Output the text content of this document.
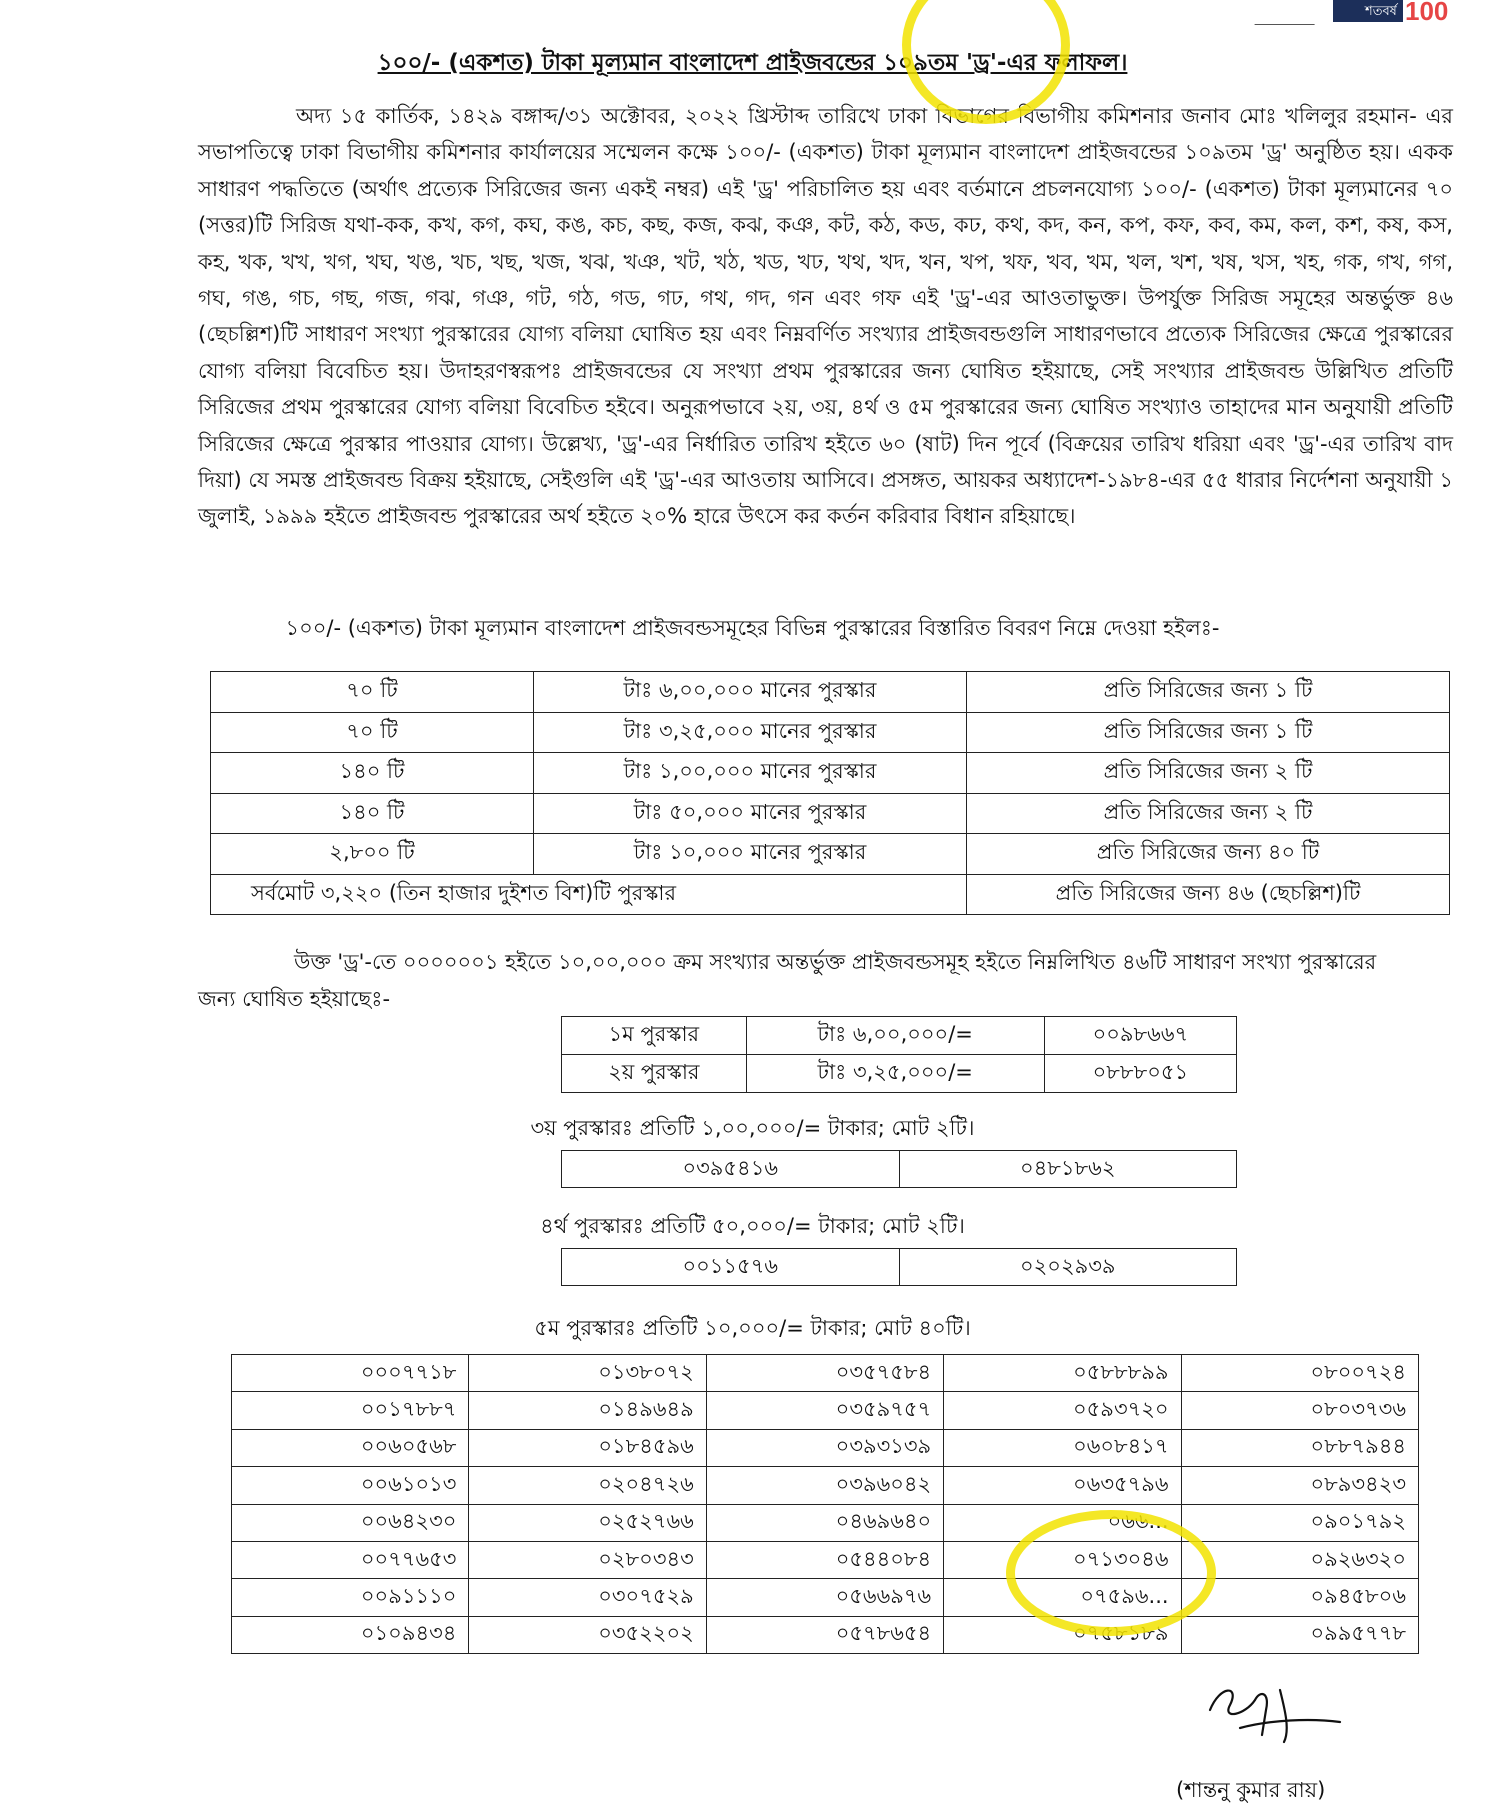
শতবর্ষ 100
১০০/- (একশত) টাকা মূল্যমান বাংলাদেশ প্রাইজবন্ডের ১০৯তম 'ড্র'-এর ফলাফল।

অদ্য ১৫ কার্তিক, ১৪২৯ বঙ্গাব্দ/৩১ অক্টোবর, ২০২২ খ্রিস্টাব্দ তারিখে ঢাকা বিভাগের বিভাগীয় কমিশনার জনাব মোঃ খলিলুর রহমান- এর সভাপতিত্বে ঢাকা বিভাগীয় কমিশনার কার্যালয়ের সম্মেলন কক্ষে ১০০/- (একশত) টাকা মূল্যমান বাংলাদেশ প্রাইজবন্ডের ১০৯তম 'ড্র' অনুষ্ঠিত হয়। একক সাধারণ পদ্ধতিতে (অর্থাৎ প্রত্যেক সিরিজের জন্য একই নম্বর) এই 'ড্র' পরিচালিত হয় এবং বর্তমানে প্রচলনযোগ্য ১০০/- (একশত) টাকা মূল্যমানের ৭০ (সত্তর)টি সিরিজ যথা-কক, কখ, কগ, কঘ, কঙ, কচ, কছ, কজ, কঝ, কঞ, কট, কঠ, কড, কঢ, কথ, কদ, কন, কপ, কফ, কব, কম, কল, কশ, কষ, কস, কহ, খক, খখ, খগ, খঘ, খঙ, খচ, খছ, খজ, খঝ, খঞ, খট, খঠ, খড, খঢ, খথ, খদ, খন, খপ, খফ, খব, খম, খল, খশ, খষ, খস, খহ, গক, গখ, গগ, গঘ, গঙ, গচ, গছ, গজ, গঝ, গঞ, গট, গঠ, গড, গঢ, গথ, গদ, গন এবং গফ এই 'ড্র'-এর আওতাভুক্ত। উপর্যুক্ত সিরিজ সমূহের অন্তর্ভুক্ত ৪৬ (ছেচল্লিশ)টি সাধারণ সংখ্যা পুরস্কারের যোগ্য বলিয়া ঘোষিত হয় এবং নিম্নবর্ণিত সংখ্যার প্রাইজবন্ডগুলি সাধারণভাবে প্রত্যেক সিরিজের ক্ষেত্রে পুরস্কারের যোগ্য বলিয়া বিবেচিত হয়। উদাহরণস্বরূপঃ প্রাইজবন্ডের যে সংখ্যা প্রথম পুরস্কারের জন্য ঘোষিত হইয়াছে, সেই সংখ্যার প্রাইজবন্ড উল্লিখিত প্রতিটি সিরিজের প্রথম পুরস্কারের যোগ্য বলিয়া বিবেচিত হইবে। অনুরূপভাবে ২য়, ৩য়, ৪র্থ ও ৫ম পুরস্কারের জন্য ঘোষিত সংখ্যাও তাহাদের মান অনুযায়ী প্রতিটি সিরিজের ক্ষেত্রে পুরস্কার পাওয়ার যোগ্য। উল্লেখ্য, 'ড্র'-এর নির্ধারিত তারিখ হইতে ৬০ (ষাট) দিন পূর্বে (বিক্রয়ের তারিখ ধরিয়া এবং 'ড্র'-এর তারিখ বাদ দিয়া) যে সমস্ত প্রাইজবন্ড বিক্রয় হইয়াছে, সেইগুলি এই 'ড্র'-এর আওতায় আসিবে। প্রসঙ্গত, আয়কর অধ্যাদেশ-১৯৮৪-এর ৫৫ ধারার নির্দেশনা অনুযায়ী ১ জুলাই, ১৯৯৯ হইতে প্রাইজবন্ড পুরস্কারের অর্থ হইতে ২০% হারে উৎসে কর কর্তন করিবার বিধান রহিয়াছে।

১০০/- (একশত) টাকা মূল্যমান বাংলাদেশ প্রাইজবন্ডসমূহের বিভিন্ন পুরস্কারের বিস্তারিত বিবরণ নিম্নে দেওয়া হইলঃ-
৭০ টি	টাঃ ৬,০০,০০০ মানের পুরস্কার	প্রতি সিরিজের জন্য ১ টি
৭০ টি	টাঃ ৩,২৫,০০০ মানের পুরস্কার	প্রতি সিরিজের জন্য ১ টি
১৪০ টি	টাঃ ১,০০,০০০ মানের পুরস্কার	প্রতি সিরিজের জন্য ২ টি
১৪০ টি	টাঃ ৫০,০০০ মানের পুরস্কার	প্রতি সিরিজের জন্য ২ টি
২,৮০০ টি	টাঃ ১০,০০০ মানের পুরস্কার	প্রতি সিরিজের জন্য ৪০ টি
সর্বমোট ৩,২২০ (তিন হাজার দুইশত বিশ)টি পুরস্কার		প্রতি সিরিজের জন্য ৪৬ (ছেচল্লিশ)টি

উক্ত 'ড্র'-তে ০০০০০০১ হইতে ১০,০০,০০০ ক্রম সংখ্যার অন্তর্ভুক্ত প্রাইজবন্ডসমূহ হইতে নিম্নলিখিত ৪৬টি সাধারণ সংখ্যা পুরস্কারের জন্য ঘোষিত হইয়াছেঃ-

১ম পুরস্কার	টাঃ ৬,০০,০০০/=	০০৯৮৬৬৭
২য় পুরস্কার	টাঃ ৩,২৫,০০০/=	০৮৮৮০৫১
৩য় পুরস্কারঃ প্রতিটি ১,০০,০০০/= টাকার; মোট ২টি।
০৩৯৫৪১৬	০৪৮১৮৬২
৪র্থ পুরস্কারঃ প্রতিটি ৫০,০০০/= টাকার; মোট ২টি।
০০১১৫৭৬	০২০২৯৩৯
৫ম পুরস্কারঃ প্রতিটি ১০,০০০/= টাকার; মোট ৪০টি।
০০০৭৭১৮	০১৩৮০৭২	০৩৫৭৫৮৪	০৫৮৮৮৯৯	০৮০০৭২৪
০০১৭৮৮৭	০১৪৯৬৪৯	০৩৫৯৭৫৭	০৫৯৩৭২০	০৮০৩৭৩৬
০০৬০৫৬৮	০১৮৪৫৯৬	০৩৯৩১৩৯	০৬০৮৪১৭	০৮৮৭৯৪৪
০০৬১০১৩	০২০৪৭২৬	০৩৯৬০৪২	০৬৩৫৭৯৬	০৮৯৩৪২৩
০০৬৪২৩০	০২৫২৭৬৬	০৪৬৯৬৪০	০৬৬...	০৯০১৭৯২
০০৭৭৬৫৩	০২৮০৩৪৩	০৫৪৪০৮৪	০৭১৩০৪৬	০৯২৬৩২০
০০৯১১১০	০৩০৭৫২৯	০৫৬৬৯৭৬	০৭৫৯৬...	০৯৪৫৮০৬
০১০৯৪৩৪	০৩৫২২০২	০৫৭৮৬৫৪	০৭৫৮১৮৯	০৯৯৫৭৭৮
(শান্তনু কুমার রায়)
